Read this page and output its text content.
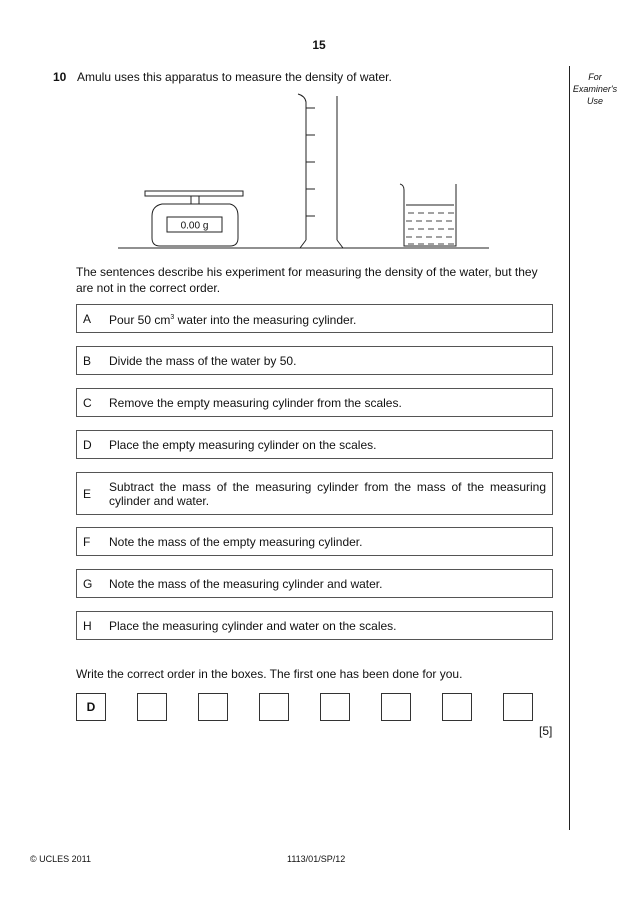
15
For
Examiner's
Use
10 Amulu uses this apparatus to measure the density of water.
0.00 g
The sentences describe his experiment for measuring the density of the water, but they are not in the correct order.
A	Pour 50 $cm^3$ water into the measuring cylinder.
B	Divide the mass of the water by 50.
C	Remove the empty measuring cylinder from the scales.
D	Place the empty measuring cylinder on the scales.
E	Subtract the mass of the measuring cylinder from the mass of the measuring cylinder and water.
F	Note the mass of the empty measuring cylinder.
G	Note the mass of the measuring cylinder and water.
H	Place the measuring cylinder and water on the scales.
Write the correct order in the boxes. The first one has been done for you.
D
[5]
© UCLES 2011	1113/01/SP/12
